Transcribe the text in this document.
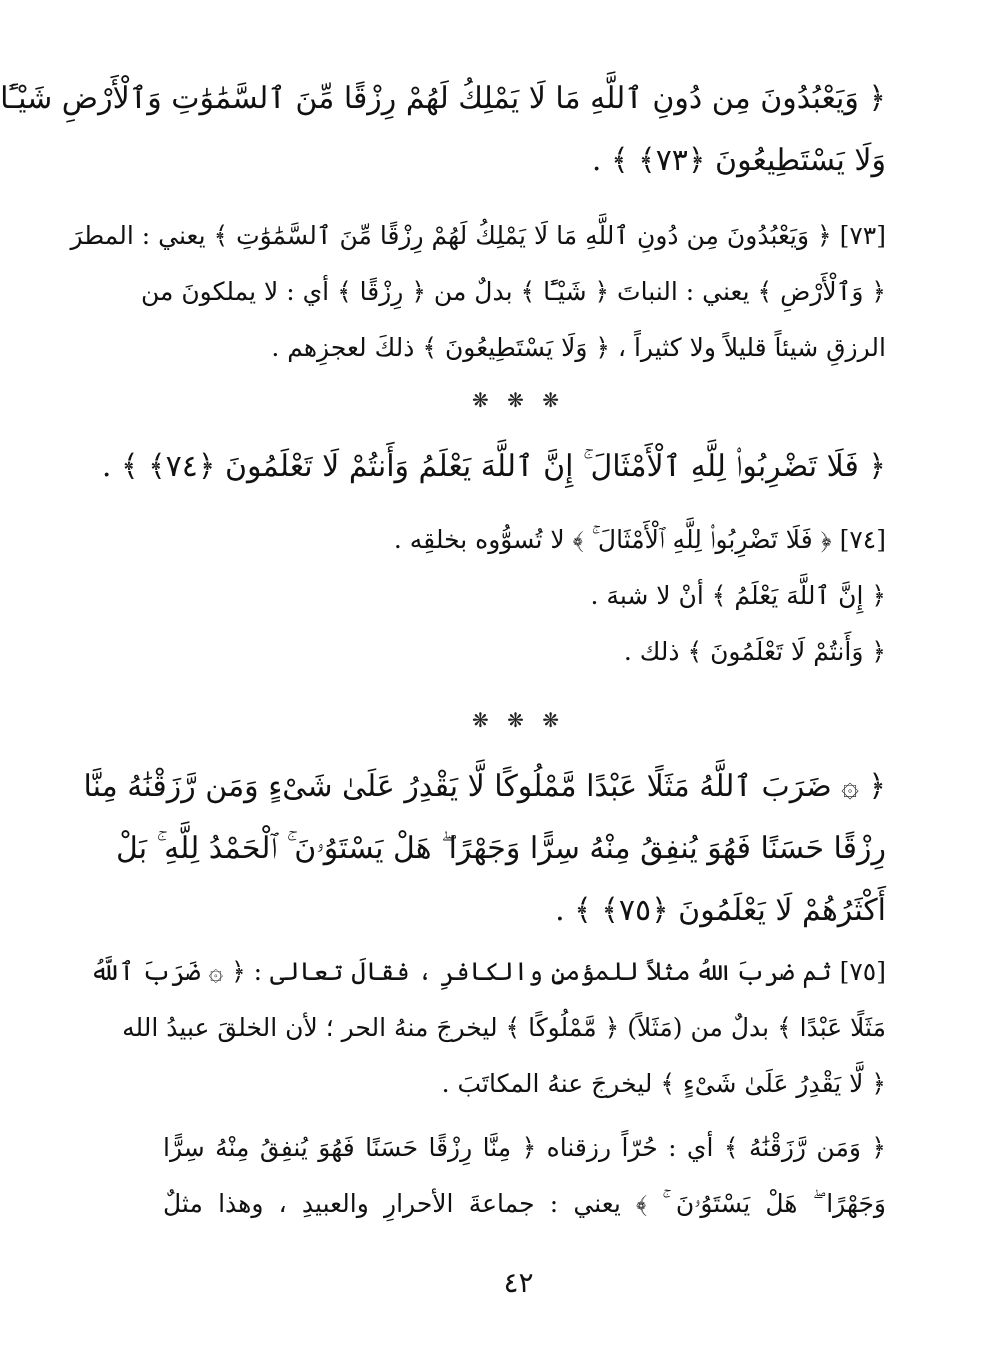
﴿ وَيَعْبُدُونَ مِن دُونِ ٱللَّهِ مَا لَا يَمْلِكُ لَهُمْ رِزْقًا مِّنَ ٱلسَّمَٰوَٰتِ وَٱلْأَرْضِ شَيْـًٔا
وَلَا يَسْتَطِيعُونَ ﴿٧٣﴾ ﴾ .
[٧٣] ﴿ وَيَعْبُدُونَ مِن دُونِ ٱللَّهِ مَا لَا يَمْلِكُ لَهُمْ رِزْقًا مِّنَ ٱلسَّمَٰوَٰتِ ﴾ يعني : المطرَ
﴿ وَٱلْأَرْضِ ﴾ يعني : النباتَ ﴿ شَيْـًٔا ﴾ بدلٌ من ﴿ رِزْقًا ﴾ أي : لا يملكونَ من
الرزقِ شيئاً قليلاً ولا كثيراً ، ﴿ وَلَا يَسْتَطِيعُونَ ﴾ ذلكَ لعجزِهم .
❋ ❋ ❋
﴿ فَلَا تَضْرِبُوا۟ لِلَّهِ ٱلْأَمْثَالَ ۚ إِنَّ ٱللَّهَ يَعْلَمُ وَأَنتُمْ لَا تَعْلَمُونَ ﴿٧٤﴾ ﴾ .
[٧٤] ﴿ فَلَا تَضْرِبُوا۟ لِلَّهِ ٱلْأَمْثَالَ ۚ ﴾ لا تُسوُّوه بخلقِه .
﴿ إِنَّ ٱللَّهَ يَعْلَمُ ﴾ أنْ لا شبهَ .
﴿ وَأَنتُمْ لَا تَعْلَمُونَ ﴾ ذلك .
❋ ❋ ❋
﴿ ۞ ضَرَبَ ٱللَّهُ مَثَلًا عَبْدًا مَّمْلُوكًا لَّا يَقْدِرُ عَلَىٰ شَىْءٍ وَمَن رَّزَقْنَٰهُ مِنَّا
رِزْقًا حَسَنًا فَهُوَ يُنفِقُ مِنْهُ سِرًّا وَجَهْرًا ۖ هَلْ يَسْتَوُۥنَ ۚ ٱلْحَمْدُ لِلَّهِ ۚ بَلْ
أَكْثَرُهُمْ لَا يَعْلَمُونَ ﴿٧٥﴾ ﴾ .
[٧٥] ثم ضربَ اللهُ مثلاً للمؤمنِ والكافرِ ، فقالَ تعالى : ﴿ ۞ ضَرَبَ ٱللَّهُ
مَثَلًا عَبْدًا ﴾ بدلٌ من (مَثَلاً) ﴿ مَّمْلُوكًا ﴾ ليخرجَ منهُ الحر ؛ لأن الخلقَ عبيدُ الله
﴿ لَّا يَقْدِرُ عَلَىٰ شَىْءٍ ﴾ ليخرجَ عنهُ المكاتَبَ .
﴿ وَمَن رَّزَقْنَٰهُ ﴾ أي : حُرّاً رزقناه ﴿ مِنَّا رِزْقًا حَسَنًا فَهُوَ يُنفِقُ مِنْهُ سِرًّا
وَجَهْرًا ۖ هَلْ يَسْتَوُۥنَ ۚ ﴾ يعني : جماعةَ الأحرارِ والعبيدِ ، وهذا مثلٌ
٤٢
